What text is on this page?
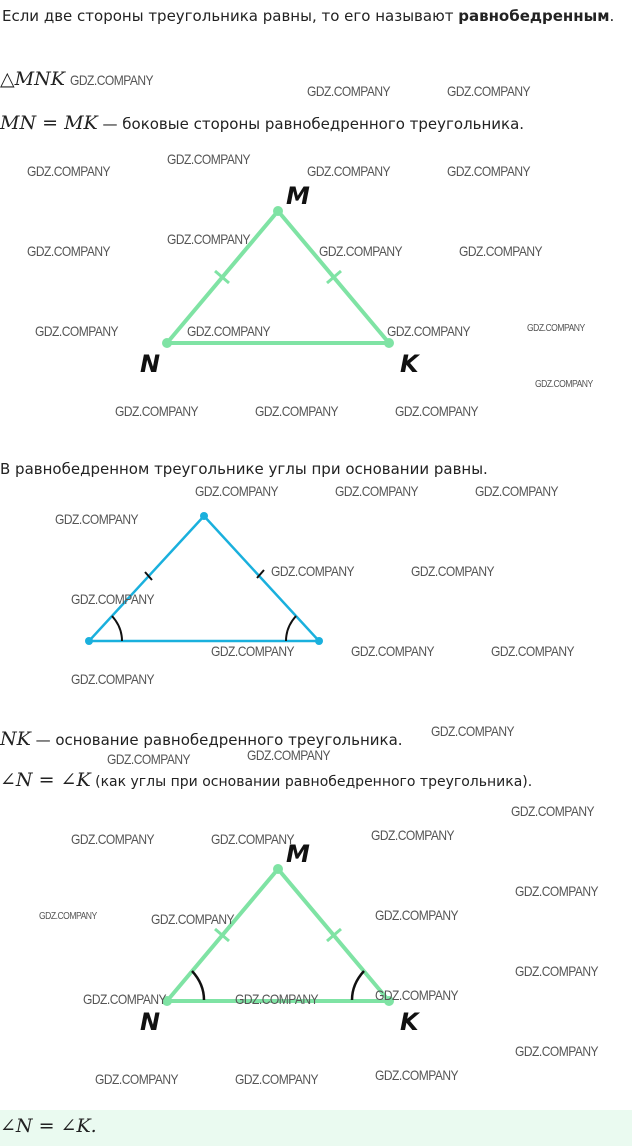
Если две стороны треугольника равны, то его называют равнобедренным.
△MNK
MN = MK — боковые стороны равнобедренного треугольника.
В равнобедренном треугольнике углы при основании равны.
NK — основание равнобедренного треугольника.
∠N = ∠K (как углы при основании равнобедренного треугольника).
∠N = ∠K.
M
N	K
M
N	K
GDZ.COMPANY
GDZ.COMPANY	GDZ.COMPANY
GDZ.COMPANY
GDZ.COMPANY	GDZ.COMPANY	GDZ.COMPANY
GDZ.COMPANY
GDZ.COMPANY	GDZ.COMPANY	GDZ.COMPANY
GDZ.COMPANY	GDZ.COMPANY	GDZ.COMPANY	GDZ.COMPANY
GDZ.COMPANY
GDZ.COMPANY	GDZ.COMPANY	GDZ.COMPANY
GDZ.COMPANY	GDZ.COMPANY	GDZ.COMPANY
GDZ.COMPANY
GDZ.COMPANY	GDZ.COMPANY
GDZ.COMPANY
GDZ.COMPANY	GDZ.COMPANY	GDZ.COMPANY
GDZ.COMPANY
GDZ.COMPANY
GDZ.COMPANY	GDZ.COMPANY
GDZ.COMPANY
GDZ.COMPANY	GDZ.COMPANY	GDZ.COMPANY
GDZ.COMPANY
GDZ.COMPANY	GDZ.COMPANY	GDZ.COMPANY
GDZ.COMPANY
GDZ.COMPANY	GDZ.COMPANY	GDZ.COMPANY
GDZ.COMPANY
GDZ.COMPANY	GDZ.COMPANY	GDZ.COMPANY
